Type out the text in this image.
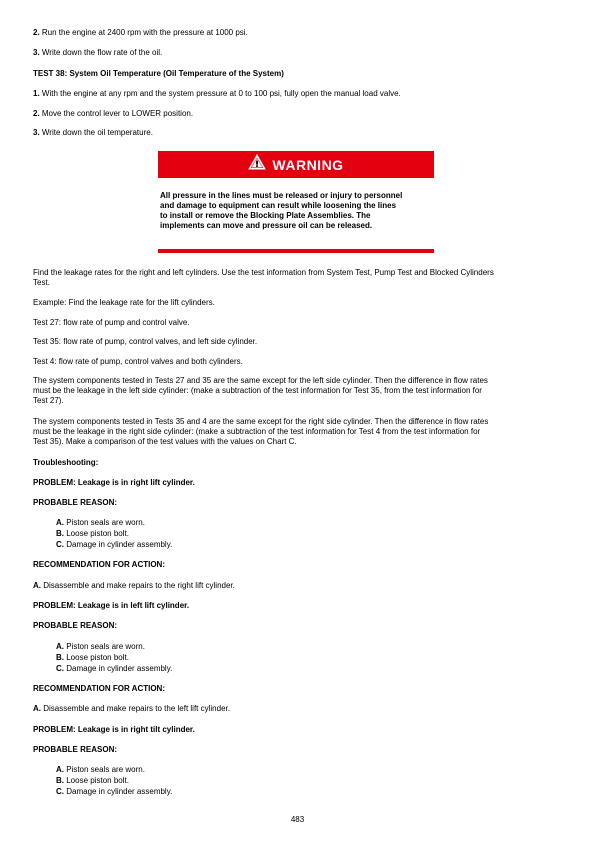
2. Run the engine at 2400 rpm with the pressure at 1000 psi.
3. Write down the flow rate of the oil.
TEST 38: System Oil Temperature (Oil Temperature of the System)
1. With the engine at any rpm and the system pressure at 0 to 100 psi, fully open the manual load valve.
2. Move the control lever to LOWER position.
3. Write down the oil temperature.
WARNING
All pressure in the lines must be released or injury to personnel
and damage to equipment can result while loosening the lines
to install or remove the Blocking Plate Assemblies. The
implements can move and pressure oil can be released.
Find the leakage rates for the right and left cylinders. Use the test information from System Test, Pump Test and Blocked Cylinders
Test.
Example: Find the leakage rate for the lift cylinders.
Test 27: flow rate of pump and control valve.
Test 35: flow rate of pump, control valves, and left side cylinder.
Test 4: flow rate of pump, control valves and both cylinders.
The system components tested in Tests 27 and 35 are the same except for the left side cylinder. Then the difference in flow rates
must be the leakage in the left side cylinder: (make a subtraction of the test information for Test 35, from the test information for
Test 27).
The system components tested in Tests 35 and 4 are the same except for the right side cylinder. Then the difference in flow rates
must be the leakage in the right side cylinder: (make a subtraction of the test information for Test 4 from the test information for
Test 35). Make a comparison of the test values with the values on Chart C.
Troubleshooting:
PROBLEM: Leakage is in right lift cylinder.
PROBABLE REASON:
A. Piston seals are worn.
B. Loose piston bolt.
C. Damage in cylinder assembly.
RECOMMENDATION FOR ACTION:
A. Disassemble and make repairs to the right lift cylinder.
PROBLEM: Leakage is in left lift cylinder.
PROBABLE REASON:
A. Piston seals are worn.
B. Loose piston bolt.
C. Damage in cylinder assembly.
RECOMMENDATION FOR ACTION:
A. Disassemble and make repairs to the left lift cylinder.
PROBLEM: Leakage is in right tilt cylinder.
PROBABLE REASON:
A. Piston seals are worn.
B. Loose piston bolt.
C. Damage in cylinder assembly.
483
